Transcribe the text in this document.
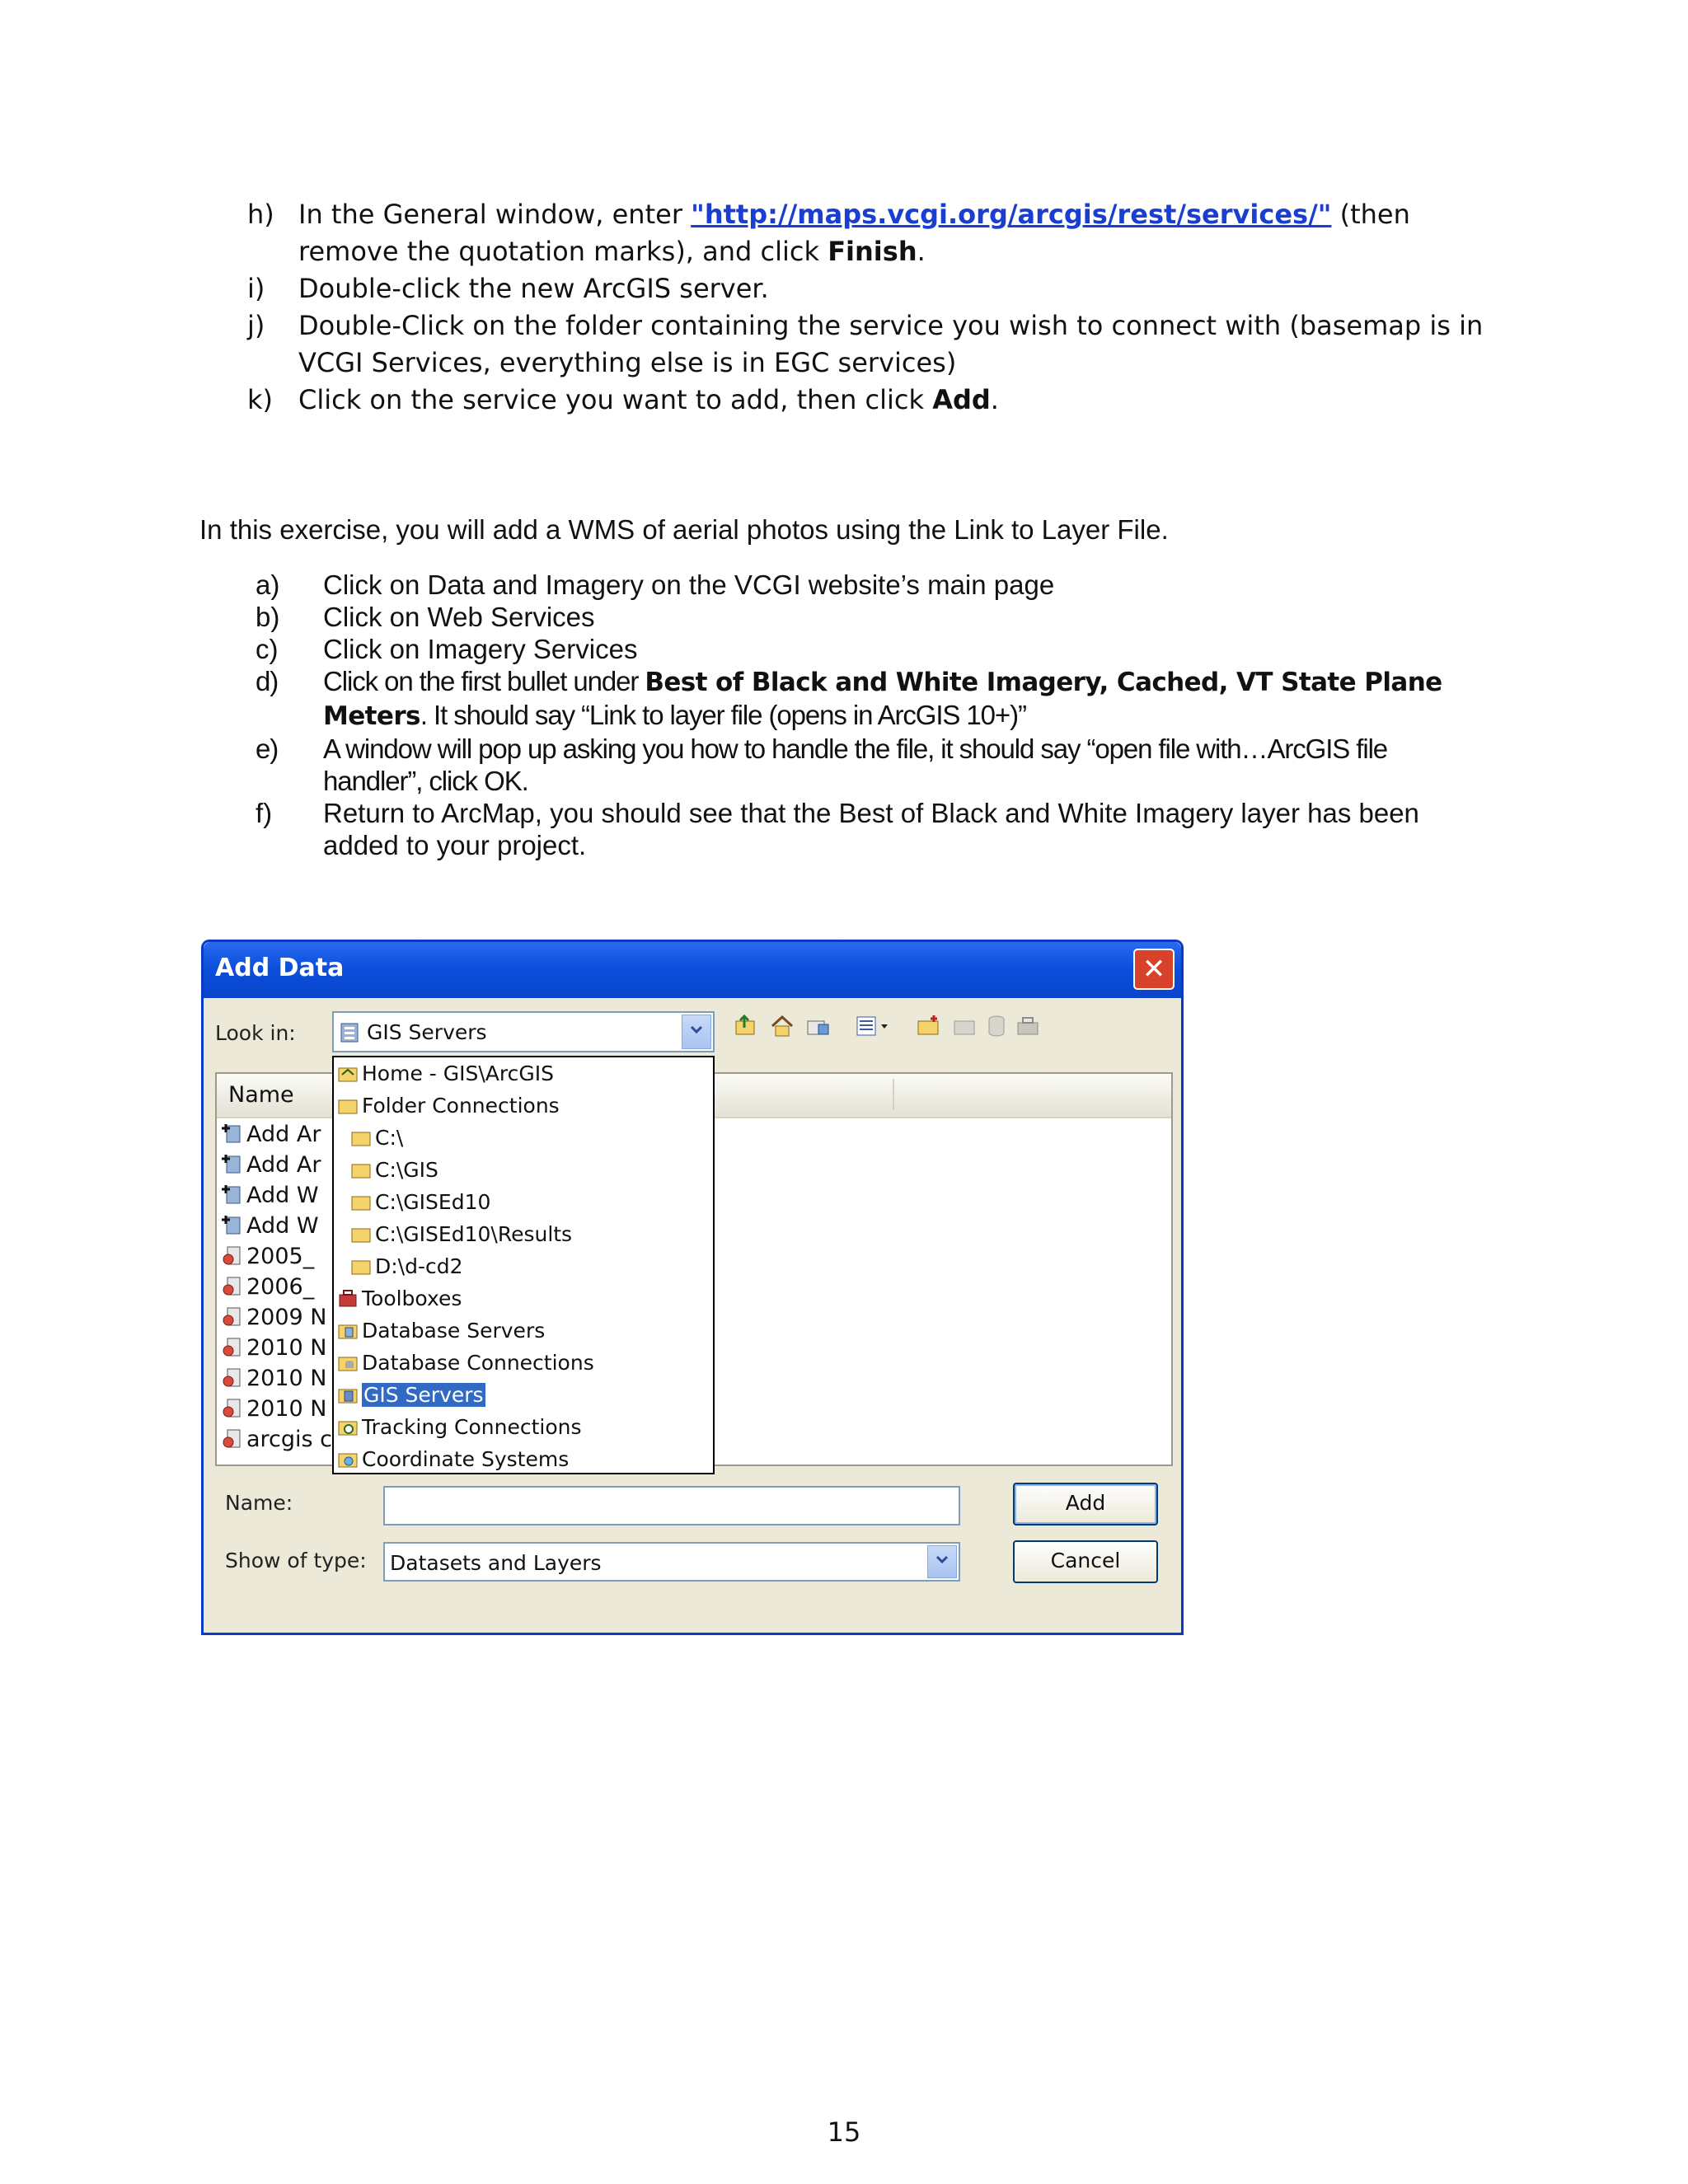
h) In the General window, enter "http://maps.vcgi.org/arcgis/rest/services/" (then remove the quotation marks), and click Finish.
i) Double-click the new ArcGIS server.
j) Double-Click on the folder containing the service you wish to connect with (basemap is in VCGI Services, everything else is in EGC services)
k) Click on the service you want to add, then click Add.
In this exercise, you will add a WMS of aerial photos using the Link to Layer File.
a) Click on Data and Imagery on the VCGI website’s main page
b) Click on Web Services
c) Click on Imagery Services
d) Click on the first bullet under Best of Black and White Imagery, Cached, VT State Plane Meters. It should say “Link to layer file (opens in ArcGIS 10+)”
e) A window will pop up asking you how to handle the file, it should say “open file with…ArcGIS file handler”, click OK.
f) Return to ArcMap, you should see that the Best of Black and White Imagery layer has been added to your project.
Add Data	✕
Look in:	GIS Servers
Name
Add Ar
Add Ar
Add W
Add W
2005_
2006_
2009 N
2010 N
2010 N
2010 N
arcgis c
Home - GIS\ArcGIS
Folder Connections
C:\
C:\GIS
C:\GISEd10
C:\GISEd10\Results
D:\d-cd2
Toolboxes
Database Servers
Database Connections
GIS Servers
Tracking Connections
Coordinate Systems
Name:	Add
Show of type: Datasets and Layers	Cancel
15
